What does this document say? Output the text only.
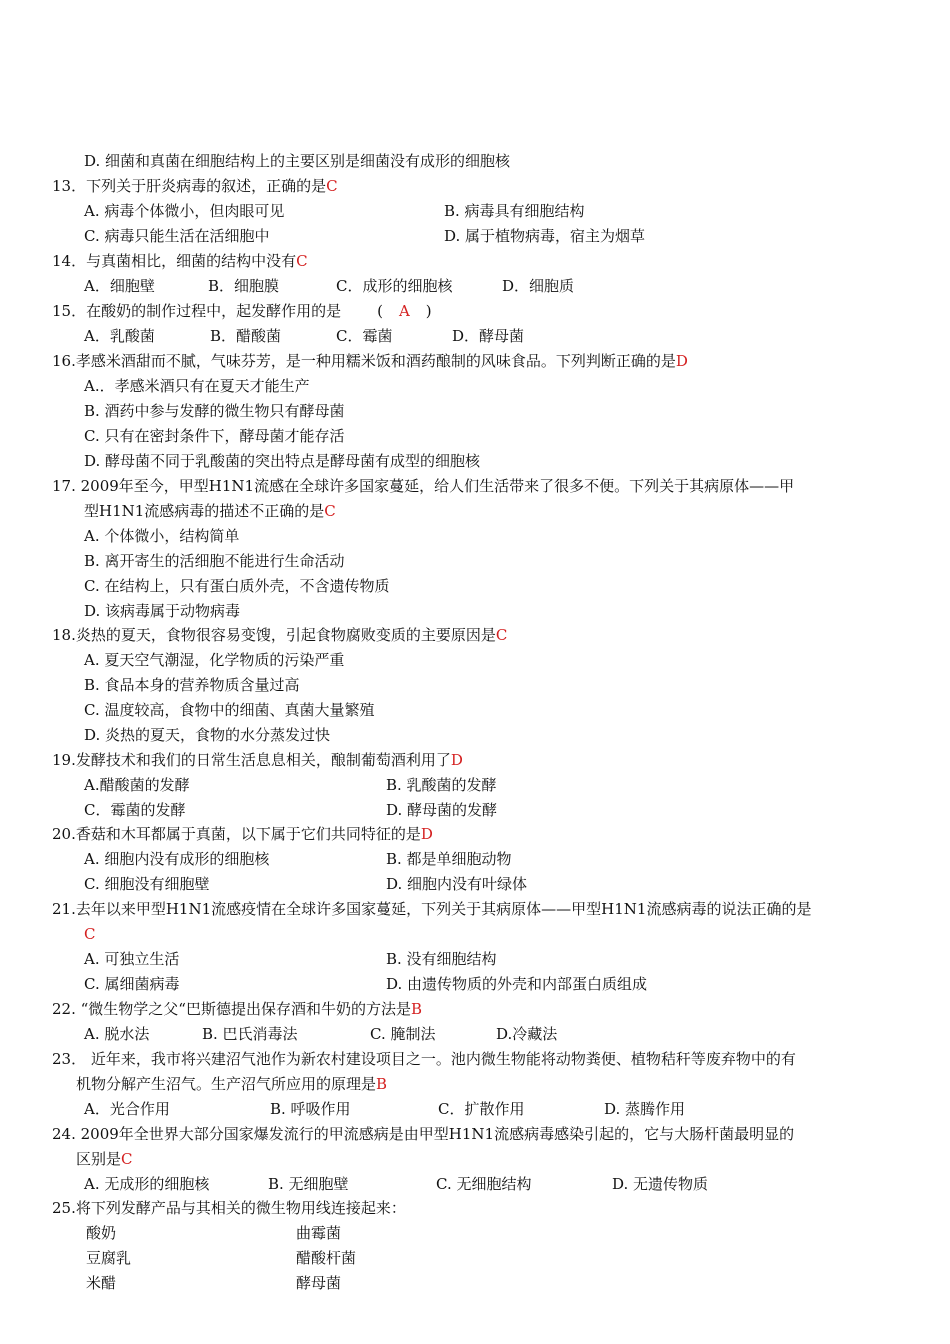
D. 细菌和真菌在细胞结构上的主要区别是细菌没有成形的细胞核
13．下列关于肝炎病毒的叙述，正确的是C
A. 病毒个体微小，但肉眼可见	B. 病毒具有细胞结构
C. 病毒只能生活在活细胞中	D. 属于植物病毒，宿主为烟草
14．与真菌相比，细菌的结构中没有C
A．细胞壁	B．细胞膜	C．成形的细胞核	D．细胞质
15．在酸奶的制作过程中，起发酵作用的是 ( A )
A．乳酸菌	B．醋酸菌	C．霉菌	D．酵母菌
16.孝感米酒甜而不腻，气味芬芳，是一种用糯米饭和酒药酿制的风味食品。下列判断正确的是D
A.．孝感米酒只有在夏天才能生产
B. 酒药中参与发酵的微生物只有酵母菌
C. 只有在密封条件下，酵母菌才能存活
D. 酵母菌不同于乳酸菌的突出特点是酵母菌有成型的细胞核
17. 2009年至今，甲型H1N1流感在全球许多国家蔓延，给人们生活带来了很多不便。下列关于其病原体——甲
型H1N1流感病毒的描述不正确的是C
A. 个体微小，结构简单
B. 离开寄生的活细胞不能进行生命活动
C. 在结构上，只有蛋白质外壳，不含遗传物质
D. 该病毒属于动物病毒
18.炎热的夏天，食物很容易变馊，引起食物腐败变质的主要原因是C
A. 夏天空气潮湿，化学物质的污染严重
B. 食品本身的营养物质含量过高
C. 温度较高，食物中的细菌、真菌大量繁殖
D. 炎热的夏天，食物的水分蒸发过快
19.发酵技术和我们的日常生活息息相关，酿制葡萄酒利用了D
A.醋酸菌的发酵	B. 乳酸菌的发酵
C．霉菌的发酵	D. 酵母菌的发酵
20.香菇和木耳都属于真菌，以下属于它们共同特征的是D
A. 细胞内没有成形的细胞核	B. 都是单细胞动物
C. 细胞没有细胞壁	D. 细胞内没有叶绿体
21.去年以来甲型H1N1流感疫情在全球许多国家蔓延，下列关于其病原体——甲型H1N1流感病毒的说法正确的是
C
A. 可独立生活	B. 没有细胞结构
C. 属细菌病毒	D. 由遗传物质的外壳和内部蛋白质组成
22. “微生物学之父“巴斯德提出保存酒和牛奶的方法是B
A. 脱水法	B. 巴氏消毒法	C. 腌制法	D.冷藏法
23． 近年来，我市将兴建沼气池作为新农村建设项目之一。池内微生物能将动物粪便、植物秸秆等废弃物中的有
机物分解产生沼气。生产沼气所应用的原理是B
A．光合作用	B. 呼吸作用	C．扩散作用	D. 蒸腾作用
24. 2009年全世界大部分国家爆发流行的甲流感病是由甲型H1N1流感病毒感染引起的，它与大肠杆菌最明显的
区别是C
A. 无成形的细胞核	B. 无细胞壁	C. 无细胞结构	D. 无遗传物质
25.将下列发酵产品与其相关的微生物用线连接起来：
酸奶	曲霉菌
豆腐乳	醋酸杆菌
米醋	酵母菌
